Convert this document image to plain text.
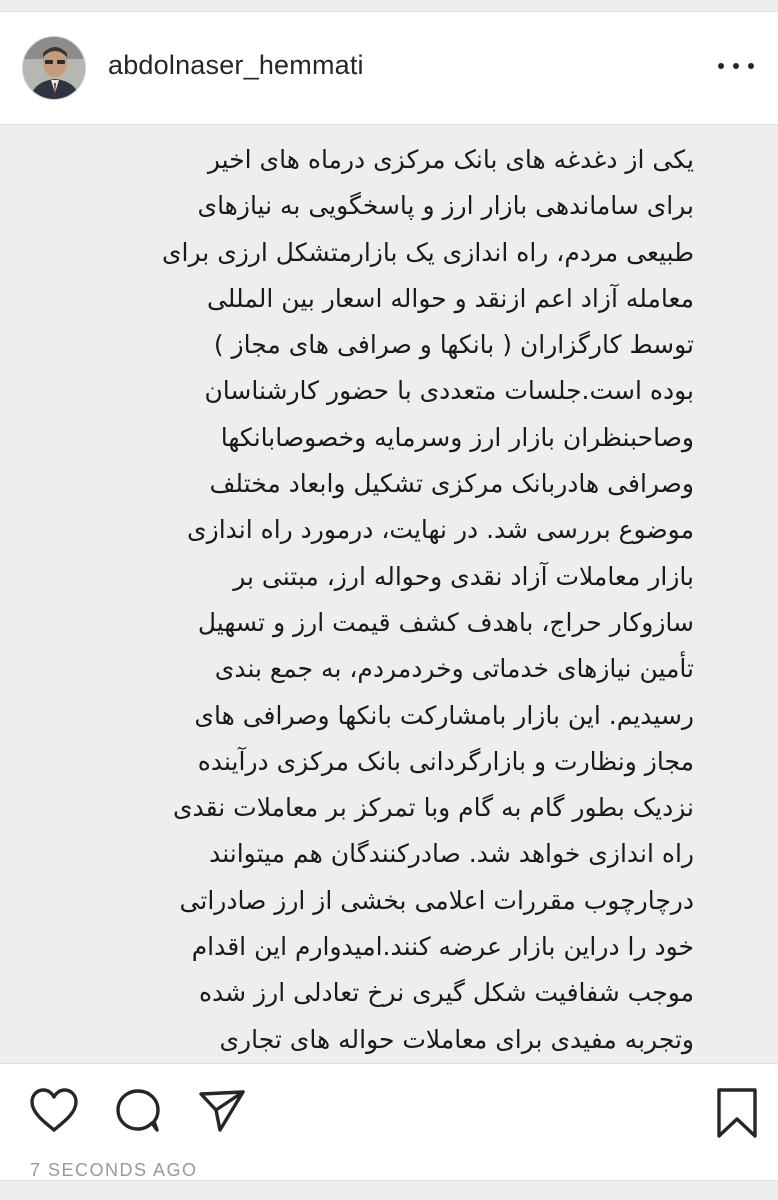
abdolnaser_hemmati
یکی از دغدغه های بانک مرکزی درماه های اخیر
برای ساماندهی بازار ارز و پاسخگویی به نیازهای
طبیعی مردم، راه اندازی یک بازارمتشکل ارزی برای
معامله آزاد اعم ازنقد و حواله اسعار بین المللی
توسط کارگزاران ( بانکها و صرافی های مجاز )
بوده است.جلسات متعددی با حضور کارشناسان
وصاحبنظران بازار ارز وسرمایه وخصوصابانکها
وصرافی هادربانک مرکزی تشکیل وابعاد مختلف
موضوع بررسی شد. در نهایت، درمورد راه اندازی
بازار معاملات آزاد نقدی وحواله ارز، مبتنی بر
سازوکار حراج، باهدف کشف قیمت ارز و تسهیل
تأمین نیازهای خدماتی وخردمردم، به جمع بندی
رسیدیم. این بازار بامشارکت بانکها وصرافی های
مجاز ونظارت و بازارگردانی بانک مرکزی درآینده
نزدیک بطور گام به گام وبا تمرکز بر معاملات نقدی
راه اندازی خواهد شد. صادرکنندگان هم میتوانند
درچارچوب مقررات اعلامی بخشی از ارز صادراتی
خود را دراین بازار عرضه کنند.امیدوارم این اقدام
موجب شفافیت شکل گیری نرخ تعادلی ارز شده
وتجربه مفیدی برای معاملات حواله های تجاری
7 SECONDS AGO
